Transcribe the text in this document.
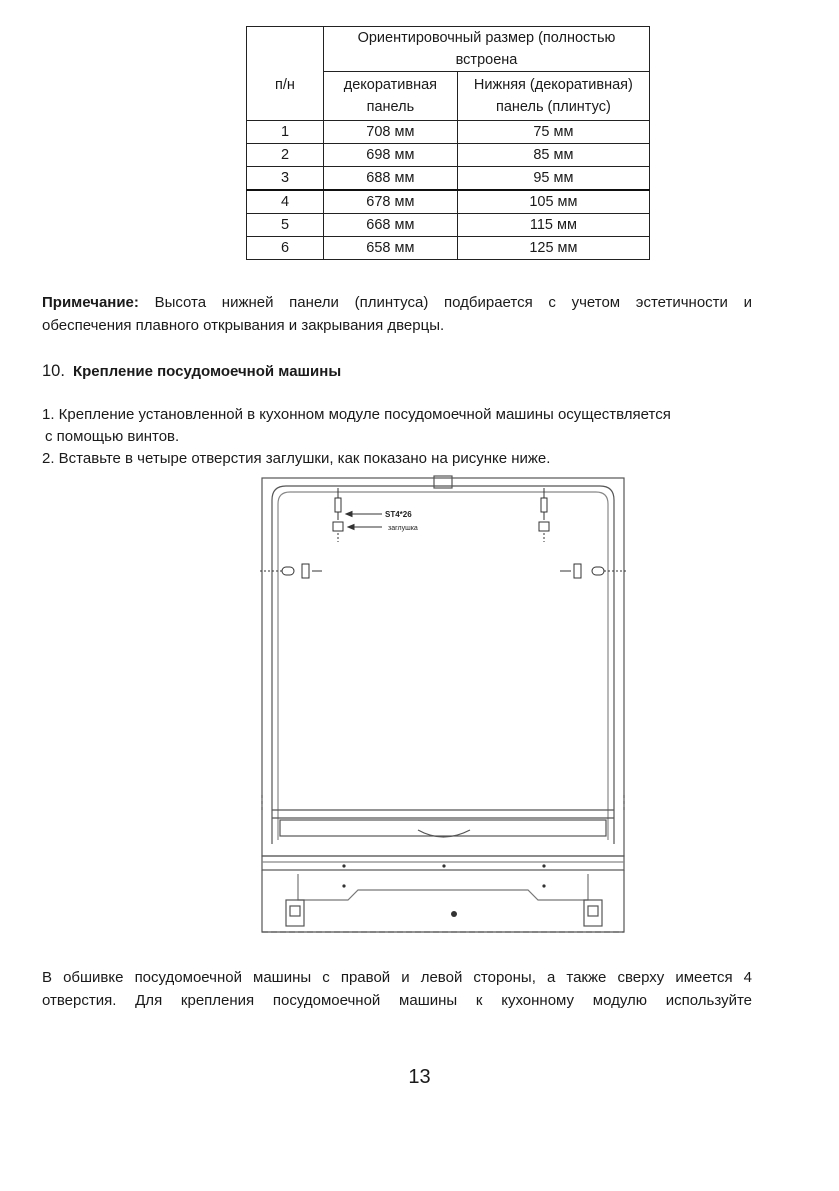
	Ориентировочный размер (полностью встроена	
п/н	декоративная панель	Нижняя (декоративная) панель (плинтус)
1	708 мм	75 мм
2	698 мм	85 мм
3	688 мм	95 мм
4	678 мм	105 мм
5	668 мм	115 мм
6	658 мм	125 мм
Примечание: Высота нижней панели (плинтуса) подбирается с учетом эстетичности и
обеспечения плавного открывания и закрывания дверцы.
10. Крепление посудомоечной машины
1. Крепление установленной в кухонном модуле посудомоечной машины осуществляется
с помощью винтов.
2. Вставьте в четыре отверстия заглушки, как показано на рисунке ниже.
ST4*26
заглушка
В обшивке посудомоечной машины с правой и левой стороны, а также сверху имеется 4
отверстия. Для крепления посудомоечной машины к кухонному модулю используйте
13
